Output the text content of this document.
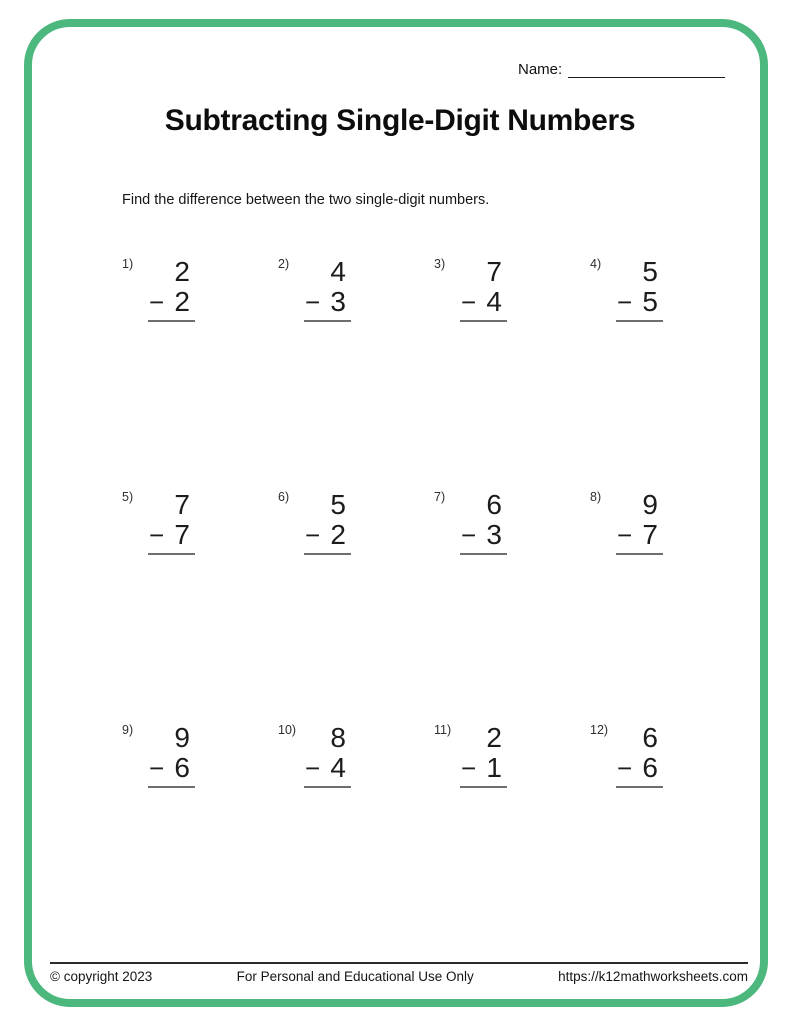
Name:
Subtracting Single-Digit Numbers

Find the difference between the two single-digit numbers.

1)	2
− 2
2)	4
− 3
3)	7
− 4
4)	5
− 5
5)	7
− 7
6)	5
− 2
7)	6
− 3
8)	9
− 7
9)	9
− 6
10)	8
− 4
11)	2
− 1
12)	6
− 6
© copyright 2023	For Personal and Educational Use Only	https://k12mathworksheets.com
